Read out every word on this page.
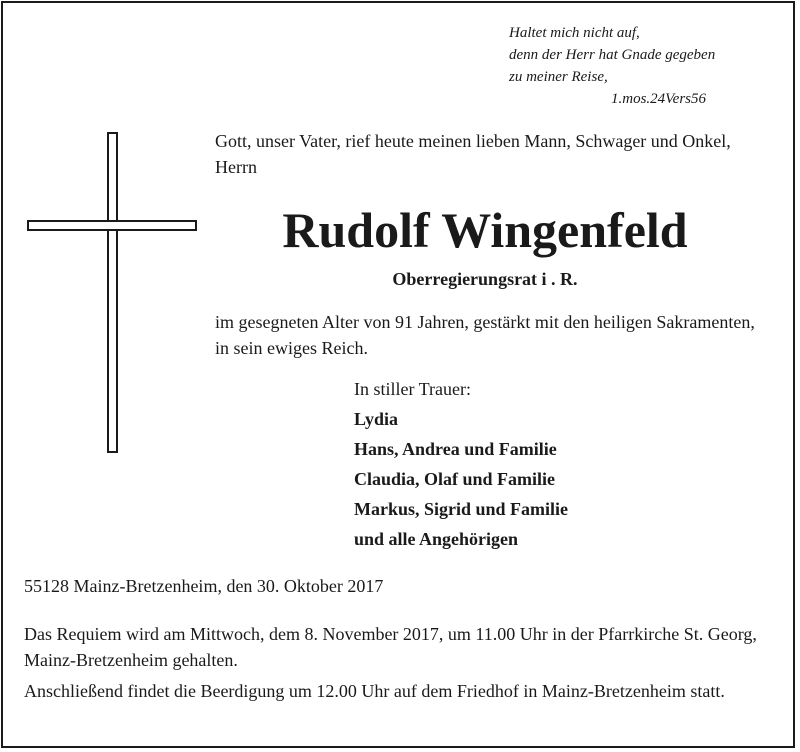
Haltet mich nicht auf,
denn der Herr hat Gnade gegeben
zu meiner Reise,
1.mos.24Vers56

Gott, unser Vater, rief heute meinen lieben Mann, Schwager und Onkel, Herrn

Rudolf Wingenfeld
Oberregierungsrat i . R.

im gesegneten Alter von 91 Jahren, gestärkt mit den heiligen Sakramenten, in sein ewiges Reich.

In stiller Trauer:
Lydia
Hans, Andrea und Familie
Claudia, Olaf und Familie
Markus, Sigrid und Familie
und alle Angehörigen

55128 Mainz-Bretzenheim, den 30. Oktober 2017

Das Requiem wird am Mittwoch, dem 8. November 2017, um 11.00 Uhr in der Pfarrkirche St. Georg, Mainz-Bretzenheim gehalten.

Anschließend findet die Beerdigung um 12.00 Uhr auf dem Friedhof in Mainz-Bretzenheim statt.
